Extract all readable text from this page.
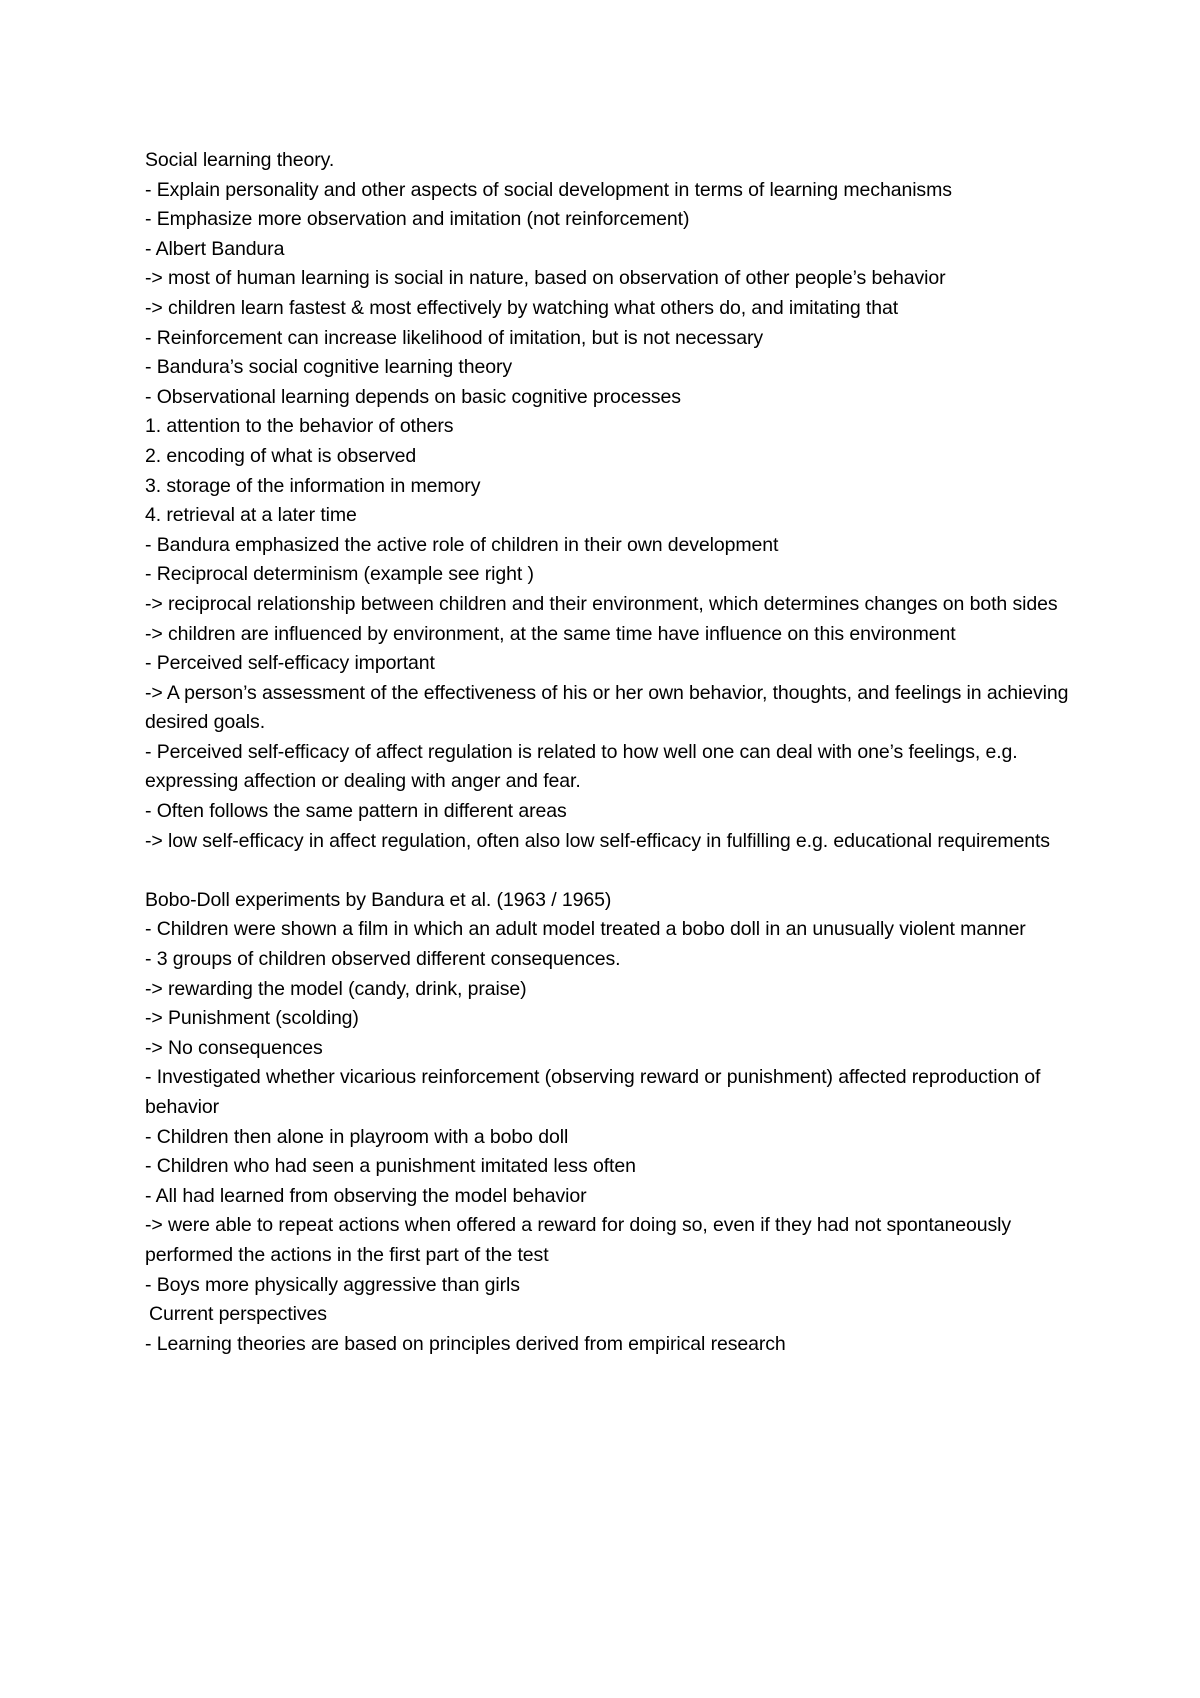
Social learning theory.
- Explain personality and other aspects of social development in terms of learning mechanisms
- Emphasize more observation and imitation (not reinforcement)
- Albert Bandura
-> most of human learning is social in nature, based on observation of other people’s behavior
-> children learn fastest & most effectively by watching what others do, and imitating that
- Reinforcement can increase likelihood of imitation, but is not necessary
- Bandura’s social cognitive learning theory
- Observational learning depends on basic cognitive processes
1. attention to the behavior of others
2. encoding of what is observed
3. storage of the information in memory
4. retrieval at a later time
- Bandura emphasized the active role of children in their own development
- Reciprocal determinism (example see right )
-> reciprocal relationship between children and their environment, which determines changes on both sides
-> children are influenced by environment, at the same time have influence on this environment
- Perceived self-efficacy important
-> A person’s assessment of the effectiveness of his or her own behavior, thoughts, and feelings in achieving desired goals.
- Perceived self-efficacy of affect regulation is related to how well one can deal with one’s feelings, e.g. expressing affection or dealing with anger and fear.
- Often follows the same pattern in different areas
-> low self-efficacy in affect regulation, often also low self-efficacy in fulfilling e.g. educational requirements
Bobo-Doll experiments by Bandura et al. (1963 / 1965)
- Children were shown a film in which an adult model treated a bobo doll in an unusually violent manner
- 3 groups of children observed different consequences.
-> rewarding the model (candy, drink, praise)
-> Punishment (scolding)
-> No consequences
- Investigated whether vicarious reinforcement (observing reward or punishment) affected reproduction of behavior
- Children then alone in playroom with a bobo doll
- Children who had seen a punishment imitated less often
- All had learned from observing the model behavior
-> were able to repeat actions when offered a reward for doing so, even if they had not spontaneously performed the actions in the first part of the test
- Boys more physically aggressive than girls
Current perspectives
- Learning theories are based on principles derived from empirical research
